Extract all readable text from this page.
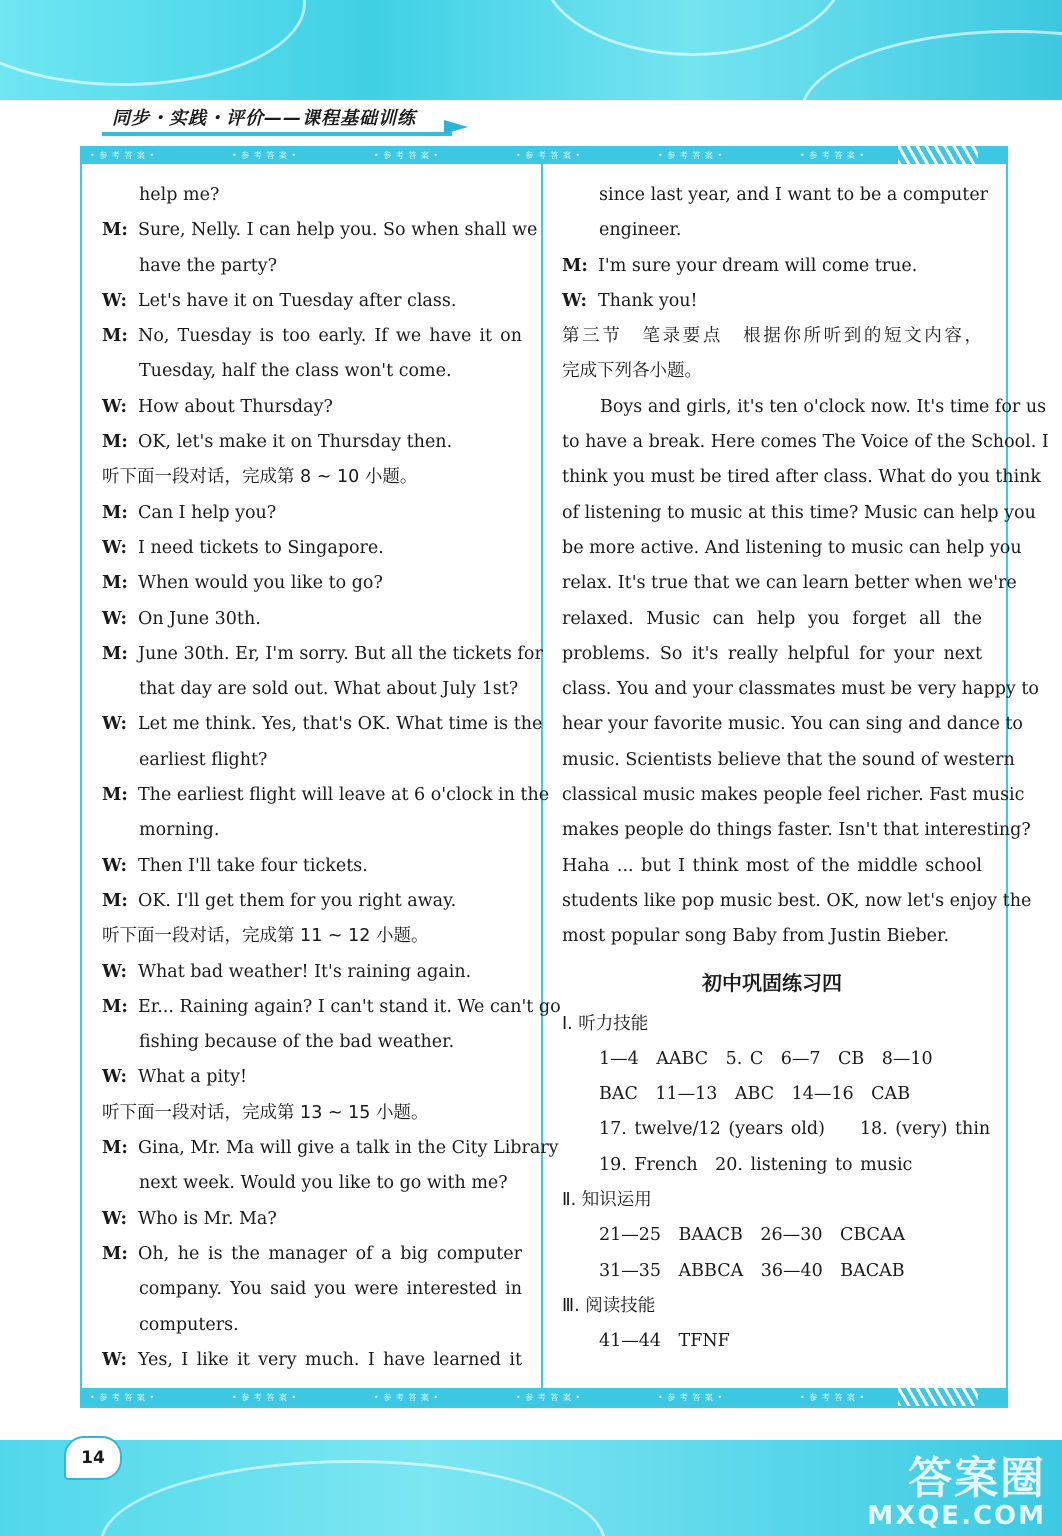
同步・实践・评价——课程基础训练
• 参 考 答 案 •	• 参 考 答 案 •	• 参 考 答 案 •	• 参 考 答 案 •	• 参 考 答 案 •	• 参 考 答 案 •
• 参 考 答 案 •	• 参 考 答 案 •	• 参 考 答 案 •	• 参 考 答 案 •	• 参 考 答 案 •	• 参 考 答 案 •
help me?
M: Sure, Nelly. I can help you. So when shall we
have the party?
W: Let's have it on Tuesday after class.
M: No, Tuesday is too early. If we have it on
Tuesday, half the class won't come.
W: How about Thursday?
M: OK, let's make it on Thursday then.
听下面一段对话，完成第 8 ~ 10 小题。
M: Can I help you?
W: I need tickets to Singapore.
M: When would you like to go?
W: On June 30th.
M: June 30th. Er, I'm sorry. But all the tickets for
that day are sold out. What about July 1st?
W: Let me think. Yes, that's OK. What time is the
earliest flight?
M: The earliest flight will leave at 6 o'clock in the
morning.
W: Then I'll take four tickets.
M: OK. I'll get them for you right away.
听下面一段对话，完成第 11 ~ 12 小题。
W: What bad weather! It's raining again.
M: Er... Raining again? I can't stand it. We can't go
fishing because of the bad weather.
W: What a pity!
听下面一段对话，完成第 13 ~ 15 小题。
M: Gina, Mr. Ma will give a talk in the City Library
next week. Would you like to go with me?
W: Who is Mr. Ma?
M: Oh, he is the manager of a big computer
company. You said you were interested in
computers.
W: Yes, I like it very much. I have learned it
since last year, and I want to be a computer
engineer.
M: I'm sure your dream will come true.
W: Thank you!
第三节　笔录要点　根据你所听到的短文内容，
完成下列各小题。
Boys and girls, it's ten o'clock now. It's time for us
to have a break. Here comes The Voice of the School. I
think you must be tired after class. What do you think
of listening to music at this time? Music can help you
be more active. And listening to music can help you
relax. It's true that we can learn better when we're
relaxed. Music can help you forget all the
problems. So it's really helpful for your next
class. You and your classmates must be very happy to
hear your favorite music. You can sing and dance to
music. Scientists believe that the sound of western
classical music makes people feel richer. Fast music
makes people do things faster. Isn't that interesting?
Haha ... but I think most of the middle school
students like pop music best. OK, now let's enjoy the
most popular song Baby from Justin Bieber.
初中巩固练习四
Ⅰ. 听力技能
1—4　AABC　5. C　6—7　CB　8—10
BAC　11—13　ABC　14—16　CAB
17. twelve/12 (years old)　　18. (very) thin
19. French　20. listening to music
Ⅱ. 知识运用
21—25　BAACB　26—30　CBCAA
31—35　ABBCA　36—40　BACAB
Ⅲ. 阅读技能
41—44　TFNF
14	答案圈
MXQE.COM
